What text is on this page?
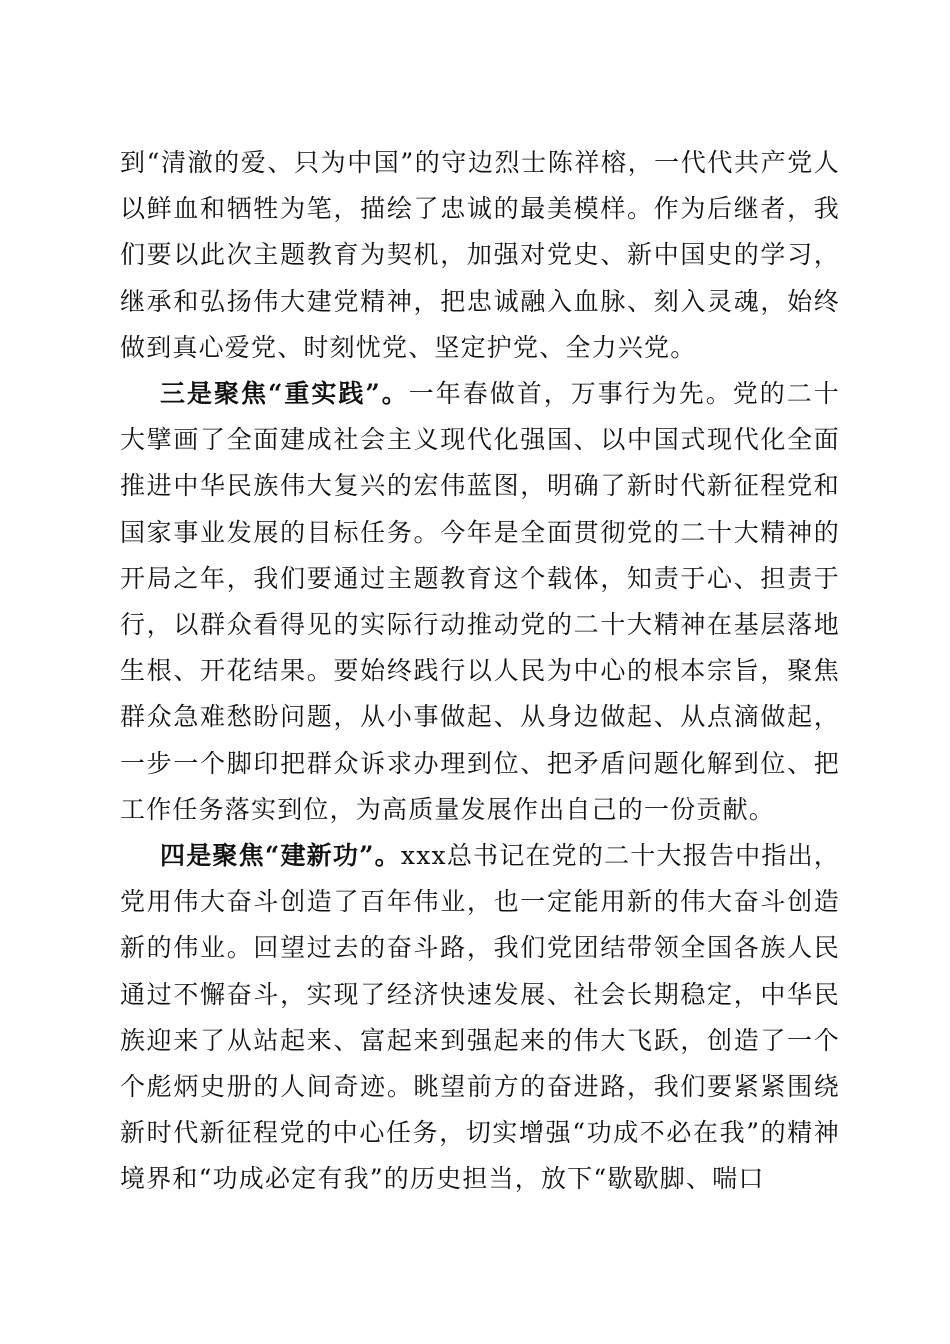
到“清澈的爱、只为中国”的守边烈士陈祥榕，一代代共产党人以鲜血和牺牲为笔，描绘了忠诚的最美模样。作为后继者，我们要以此次主题教育为契机，加强对党史、新中国史的学习，继承和弘扬伟大建党精神，把忠诚融入血脉、刻入灵魂，始终做到真心爱党、时刻忧党、坚定护党、全力兴党。

三是聚焦“重实践”。一年春做首，万事行为先。党的二十大擘画了全面建成社会主义现代化强国、以中国式现代化全面推进中华民族伟大复兴的宏伟蓝图，明确了新时代新征程党和国家事业发展的目标任务。今年是全面贯彻党的二十大精神的开局之年，我们要通过主题教育这个载体，知责于心、担责于行，以群众看得见的实际行动推动党的二十大精神在基层落地生根、开花结果。要始终践行以人民为中心的根本宗旨，聚焦群众急难愁盼问题，从小事做起、从身边做起、从点滴做起，一步一个脚印把群众诉求办理到位、把矛盾问题化解到位、把工作任务落实到位，为高质量发展作出自己的一份贡献。

四是聚焦“建新功”。xxx总书记在党的二十大报告中指出，党用伟大奋斗创造了百年伟业，也一定能用新的伟大奋斗创造新的伟业。回望过去的奋斗路，我们党团结带领全国各族人民通过不懈奋斗，实现了经济快速发展、社会长期稳定，中华民族迎来了从站起来、富起来到强起来的伟大飞跃，创造了一个个彪炳史册的人间奇迹。眺望前方的奋进路，我们要紧紧围绕新时代新征程党的中心任务，切实增强“功成不必在我”的精神境界和“功成必定有我”的历史担当，放下“歇歇脚、喘口
